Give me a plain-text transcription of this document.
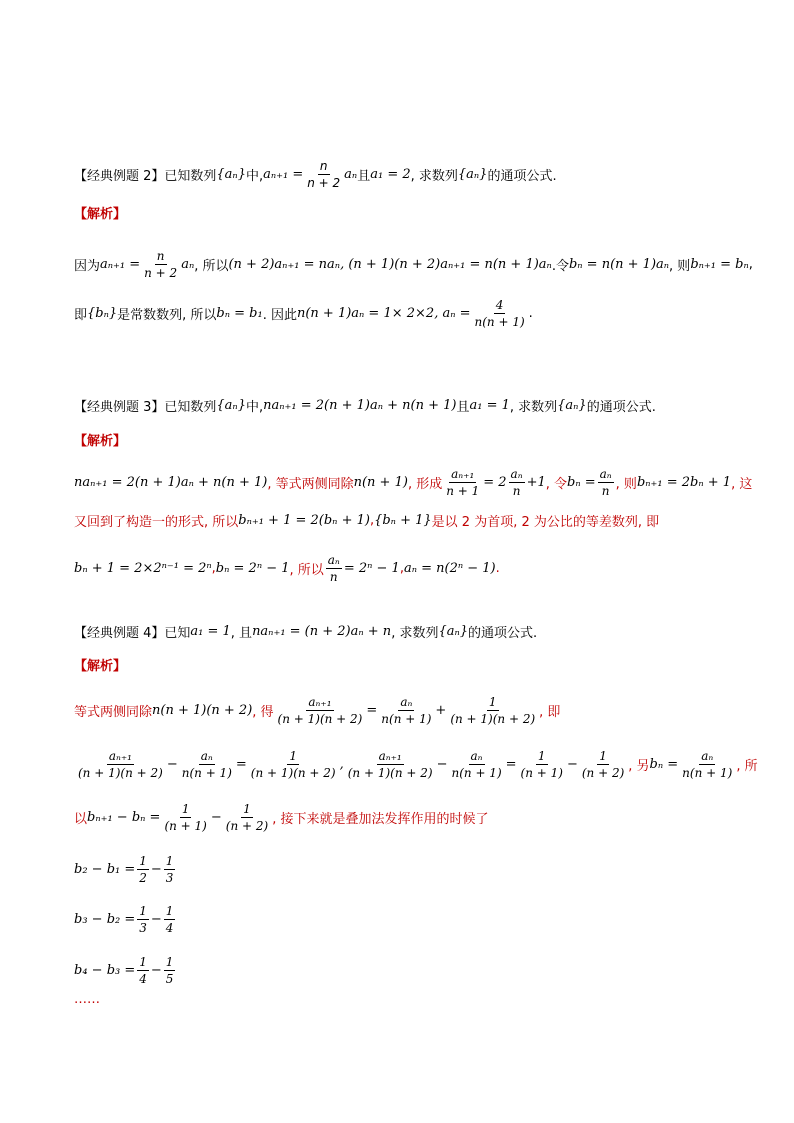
【经典例题 2】已知数列 {aₙ} 中, $a_{n+1} = \frac{n}{n + 2}$ aₙ 且 a₁ = 2 , 求数列 {aₙ} 的通项公式.
【解析】
因为 $a_{n+1} = \frac{n}{n + 2}$ aₙ , 所以 (n + 2)aₙ₊₁ = naₙ, (n + 1)(n + 2)aₙ₊₁ = n(n + 1)aₙ .令 bₙ = n(n + 1)aₙ , 则 bₙ₊₁ = bₙ ,
即 {bₙ} 是常数数列, 所以 bₙ = b₁ . 因此 n(n + 1)aₙ = 1× 2×2, $a_n = \frac{4}{n(n + 1)}$ .
【经典例题 3】已知数列 {aₙ} 中, naₙ₊₁ = 2(n + 1)aₙ + n(n + 1) 且 a₁ = 1 , 求数列 {aₙ} 的通项公式.
【解析】
naₙ₊₁ = 2(n + 1)aₙ + n(n + 1) , 等式两侧同除 n(n + 1) , 形成 $\frac{\text{aₙ₊₁}}{n + 1} = 2 \frac{\text{aₙ}}{n} +1$ , 令 $b_n = \frac{\text{aₙ}}{n}$ , 则 bₙ₊₁ = 2bₙ + 1 , 这
又回到了构造一的形式, 所以 bₙ₊₁ + 1 = 2(bₙ + 1) , {bₙ + 1} 是以 2 为首项, 2 为公比的等差数列, 即
bₙ + 1 = 2×2ⁿ⁻¹ = 2ⁿ , bₙ = 2ⁿ − 1 , 所以 $\frac{\text{aₙ}}{n} = 2^n - 1$ , aₙ = n(2ⁿ − 1) .
【经典例题 4】已知 a₁ = 1 , 且 naₙ₊₁ = (n + 2)aₙ + n , 求数列 {aₙ} 的通项公式.
【解析】
等式两侧同除 n(n + 1)(n + 2) , 得 $\frac{\text{aₙ₊₁}}{(n + 1)(n + 2)} = \frac{\text{aₙ}}{n(n + 1)} + \frac{1}{(n + 1)(n + 2)}$ , 即
$\frac{\text{aₙ₊₁}}{(n + 1)(n + 2)} - \frac{\text{aₙ}}{n(n + 1)} = \frac{1}{(n + 1)(n + 2)}$ , $\frac{\text{aₙ₊₁}}{(n + 1)(n + 2)} - \frac{\text{aₙ}}{n(n + 1)} = \frac{1}{(n + 1)} - \frac{1}{(n + 2)}$ , 另 $b_n = \frac{\text{aₙ}}{n(n + 1)}$ , 所
以 $b_{n+1} - b_n = \frac{1}{(n + 1)} - \frac{1}{(n + 2)}$ , 接下来就是叠加法发挥作用的时候了
$b_2 - b_1 = \frac{1}{2} - \frac{1}{3}$
$b_3 - b_2 = \frac{1}{3} - \frac{1}{4}$
$b_4 - b_3 = \frac{1}{4} - \frac{1}{5}$
……
